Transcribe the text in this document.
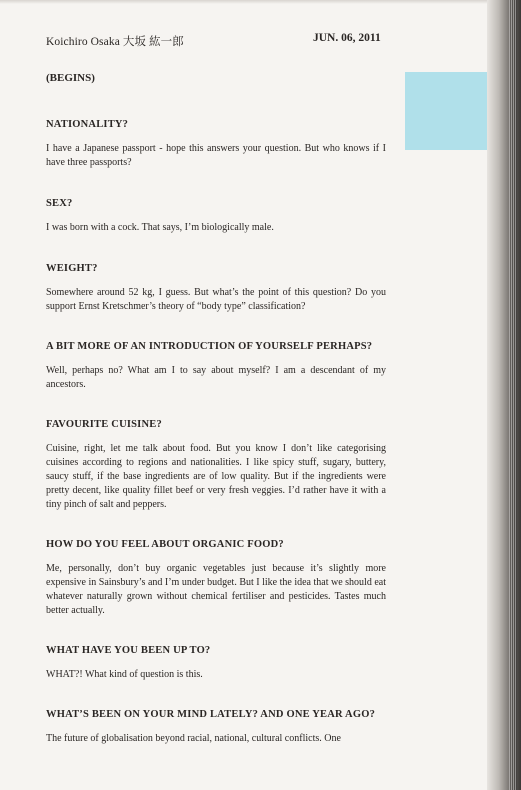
Koichiro Osaka 大坂 紘一郎	JUN. 06, 2011
(BEGINS)
NATIONALITY?

I have a Japanese passport - hope this answers your question. But who knows if I have three passports?

SEX?

I was born with a cock. That says, I’m biologically male.

WEIGHT?

Somewhere around 52 kg, I guess. But what’s the point of this question? Do you support Ernst Kretschmer’s theory of “body type” classification?

A BIT MORE OF AN INTRODUCTION OF YOURSELF PERHAPS?

Well, perhaps no? What am I to say about myself? I am a descendant of my ancestors.

FAVOURITE CUISINE?

Cuisine, right, let me talk about food. But you know I don’t like categorising cuisines according to regions and nationalities. I like spicy stuff, sugary, buttery, saucy stuff, if the base ingredients are of low quality. But if the ingredients were pretty decent, like quality fillet beef or very fresh veggies. I’d rather have it with a tiny pinch of salt and peppers.

HOW DO YOU FEEL ABOUT ORGANIC FOOD?

Me, personally, don’t buy organic vegetables just because it’s slightly more expensive in Sainsbury’s and I’m under budget. But I like the idea that we should eat whatever naturally grown without chemical fertiliser and pesticides. Tastes much better actually.

WHAT HAVE YOU BEEN UP TO?

WHAT?! What kind of question is this.

WHAT’S BEEN ON YOUR MIND LATELY? AND ONE YEAR AGO?

The future of globalisation beyond racial, national, cultural conflicts. One
